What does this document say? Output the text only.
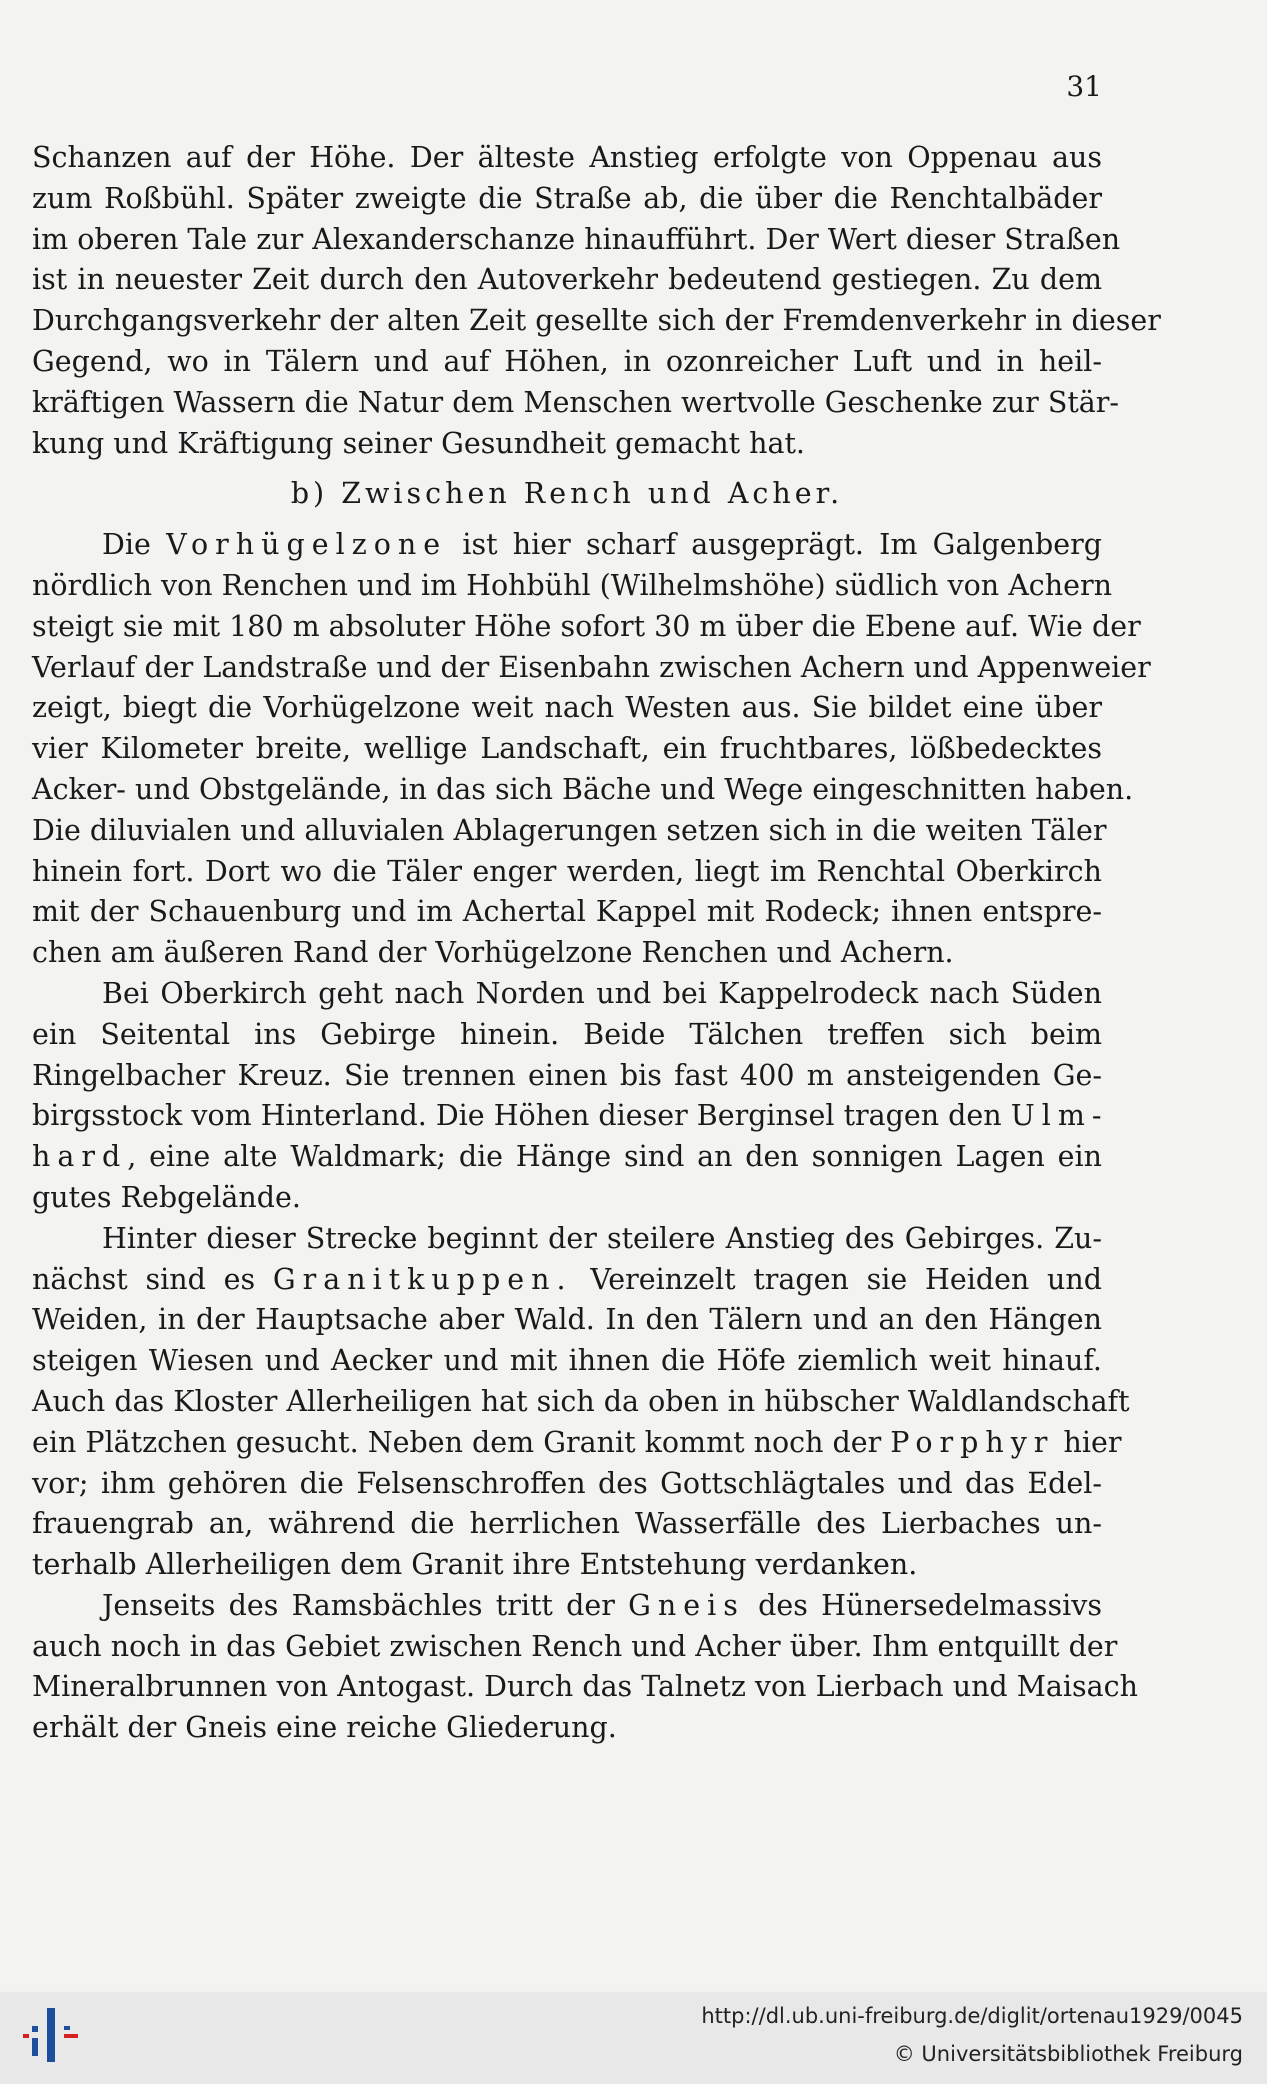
31
Schanzen auf der Höhe. Der älteste Anstieg erfolgte von Oppenau aus
zum Roßbühl. Später zweigte die Straße ab, die über die Renchtalbäder
im oberen Tale zur Alexanderschanze hinaufführt. Der Wert dieser Straßen
ist in neuester Zeit durch den Autoverkehr bedeutend gestiegen. Zu dem
Durchgangsverkehr der alten Zeit gesellte sich der Fremdenverkehr in dieser
Gegend, wo in Tälern und auf Höhen, in ozonreicher Luft und in heil-
kräftigen Wassern die Natur dem Menschen wertvolle Geschenke zur Stär-
kung und Kräftigung seiner Gesundheit gemacht hat.
b) Zwischen Rench und Acher.
Die Vorhügelzone ist hier scharf ausgeprägt. Im Galgenberg
nördlich von Renchen und im Hohbühl (Wilhelmshöhe) südlich von Achern
steigt sie mit 180 m absoluter Höhe sofort 30 m über die Ebene auf. Wie der
Verlauf der Landstraße und der Eisenbahn zwischen Achern und Appenweier
zeigt, biegt die Vorhügelzone weit nach Westen aus. Sie bildet eine über
vier Kilometer breite, wellige Landschaft, ein fruchtbares, lößbedecktes
Acker- und Obstgelände, in das sich Bäche und Wege eingeschnitten haben.
Die diluvialen und alluvialen Ablagerungen setzen sich in die weiten Täler
hinein fort. Dort wo die Täler enger werden, liegt im Renchtal Oberkirch
mit der Schauenburg und im Achertal Kappel mit Rodeck; ihnen entspre-
chen am äußeren Rand der Vorhügelzone Renchen und Achern.
Bei Oberkirch geht nach Norden und bei Kappelrodeck nach Süden
ein Seitental ins Gebirge hinein. Beide Tälchen treffen sich beim
Ringelbacher Kreuz. Sie trennen einen bis fast 400 m ansteigenden Ge-
birgsstock vom Hinterland. Die Höhen dieser Berginsel tragen den Ulm-
hard, eine alte Waldmark; die Hänge sind an den sonnigen Lagen ein
gutes Rebgelände.
Hinter dieser Strecke beginnt der steilere Anstieg des Gebirges. Zu-
nächst sind es Granitkuppen. Vereinzelt tragen sie Heiden und
Weiden, in der Hauptsache aber Wald. In den Tälern und an den Hängen
steigen Wiesen und Aecker und mit ihnen die Höfe ziemlich weit hinauf.
Auch das Kloster Allerheiligen hat sich da oben in hübscher Waldlandschaft
ein Plätzchen gesucht. Neben dem Granit kommt noch der Porphyr hier
vor; ihm gehören die Felsenschroffen des Gottschlägtales und das Edel-
frauengrab an, während die herrlichen Wasserfälle des Lierbaches un-
terhalb Allerheiligen dem Granit ihre Entstehung verdanken.
Jenseits des Ramsbächles tritt der Gneis des Hünersedelmassivs
auch noch in das Gebiet zwischen Rench und Acher über. Ihm entquillt der
Mineralbrunnen von Antogast. Durch das Talnetz von Lierbach und Maisach
erhält der Gneis eine reiche Gliederung.
http://dl.ub.uni-freiburg.de/diglit/ortenau1929/0045
© Universitätsbibliothek Freiburg
